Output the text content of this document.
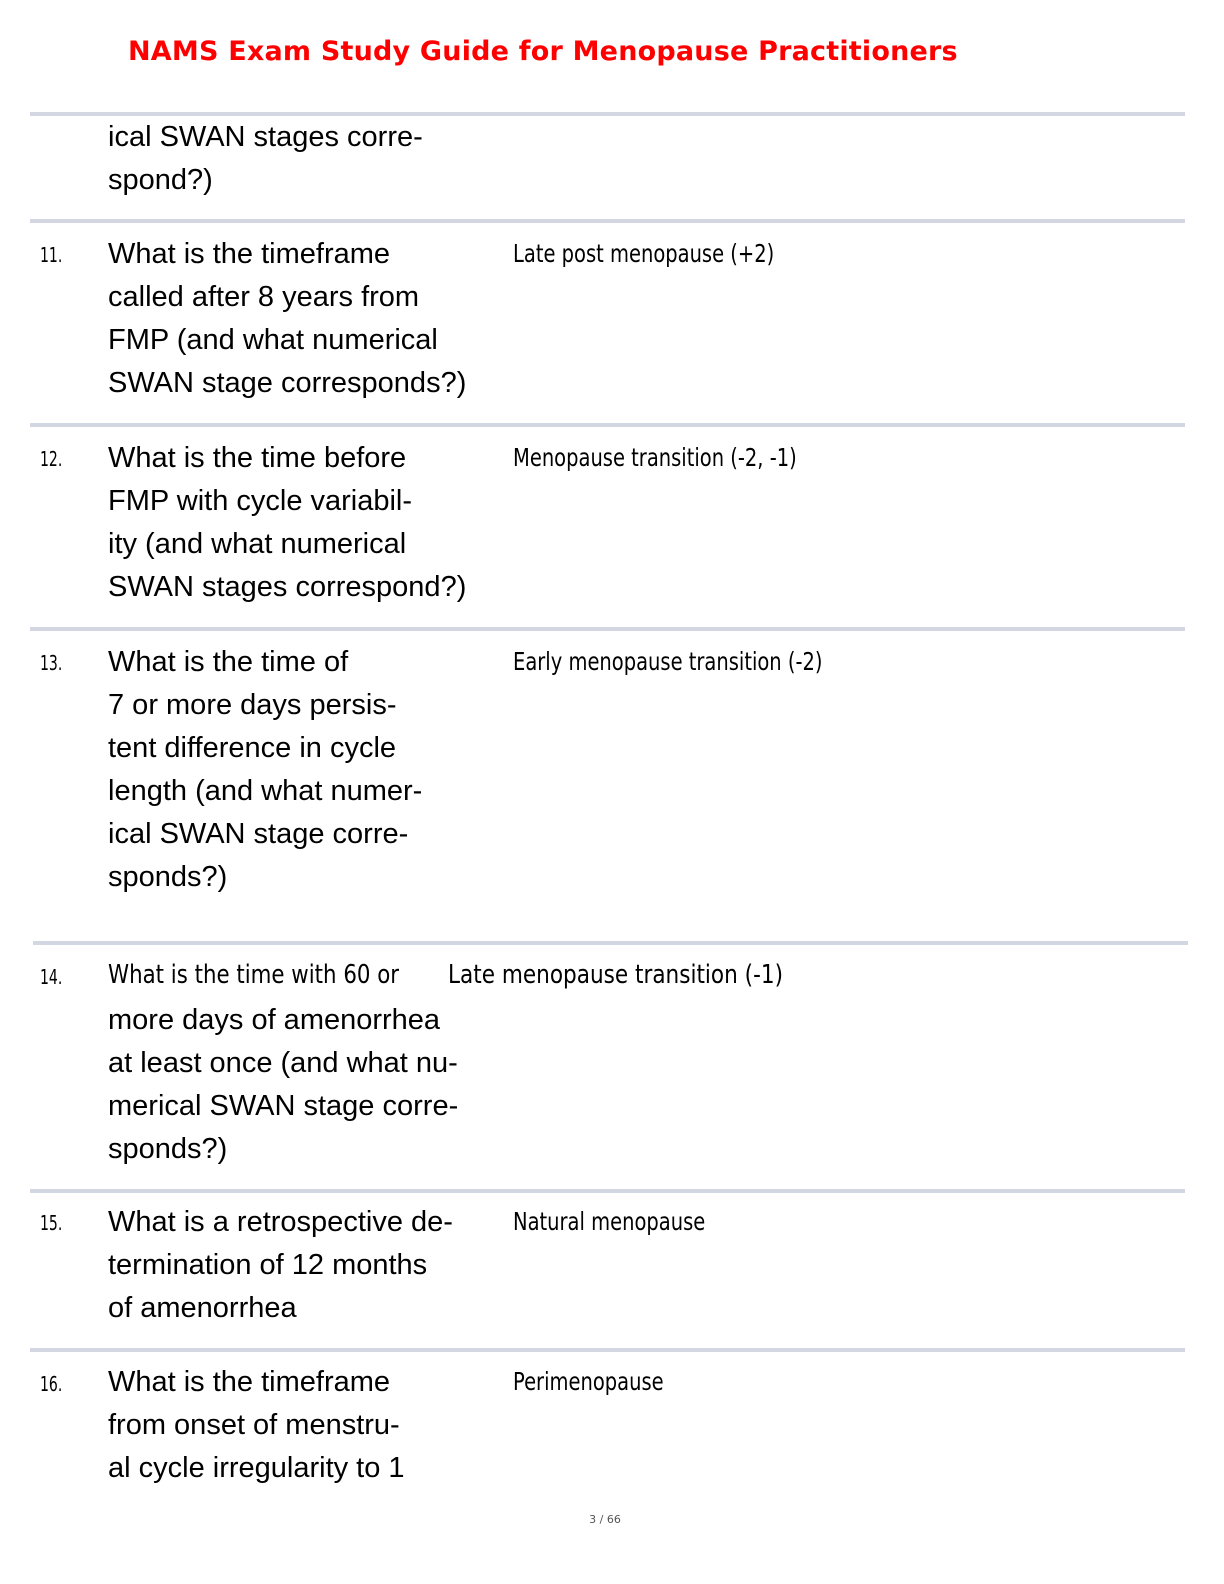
NAMS Exam Study Guide for Menopause Practitioners
ical SWAN stages corre-
spond?)
11. What is the timeframe
called after 8 years from
FMP (and what numerical
SWAN stage corresponds?)
Late post menopause (+2)
12. What is the time before
FMP with cycle variabil-
ity (and what numerical
SWAN stages correspond?)
Menopause transition (-2, -1)
13. What is the time of
7 or more days persis-
tent difference in cycle
length (and what numer-
ical SWAN stage corre-
sponds?)
Early menopause transition (-2)
14. What is the time with 60 or Late menopause transition (-1)
more days of amenorrhea
at least once (and what nu-
merical SWAN stage corre-
sponds?)
15. What is a retrospective de-
termination of 12 months
of amenorrhea
Natural menopause
16. What is the timeframe
from onset of menstru-
al cycle irregularity to 1
Perimenopause
3 / 66
